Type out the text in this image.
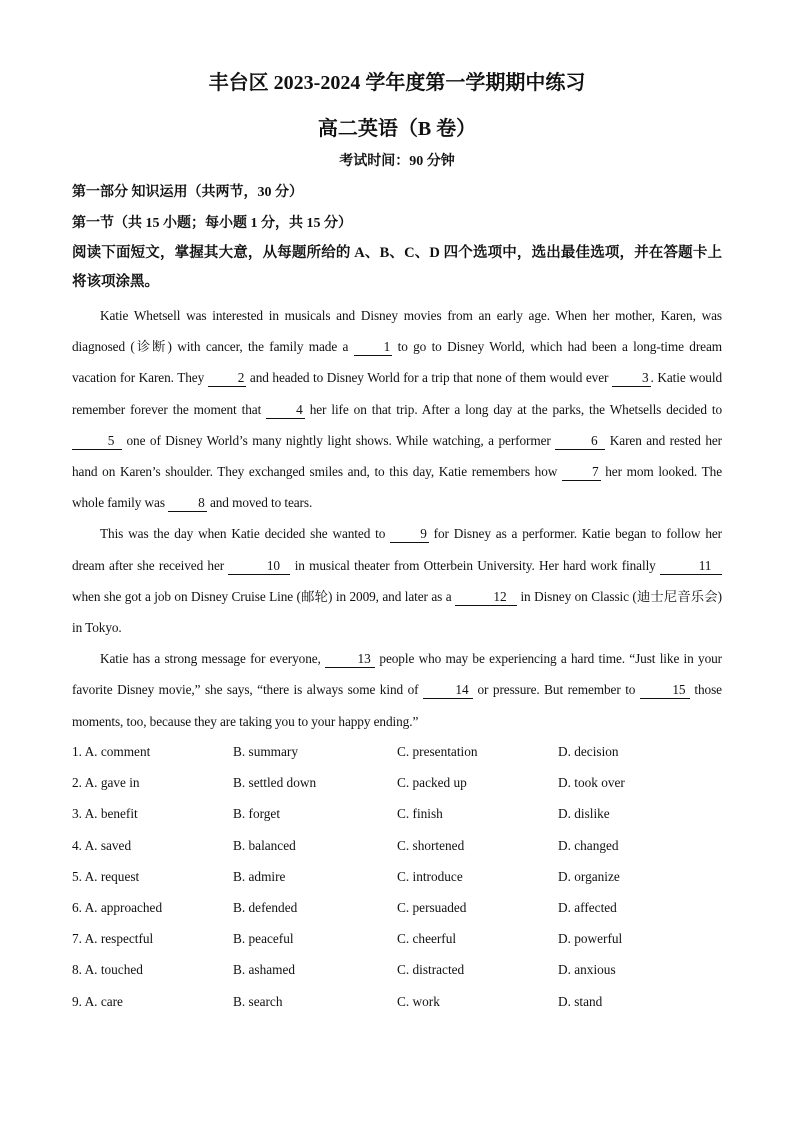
丰台区 2023-2024 学年度第一学期期中练习
高二英语（B 卷）
考试时间：90 分钟
第一部分 知识运用（共两节，30 分）
第一节（共 15 小题；每小题 1 分，共 15 分）
阅读下面短文，掌握其大意，从每题所给的 A、B、C、D 四个选项中，选出最佳选项，并在答题卡上将该项涂黑。

Katie Whetsell was interested in musicals and Disney movies from an early age. When her mother, Karen, was diagnosed (诊断) with cancer, the family made a 1 to go to Disney World, which had been a long-time dream vacation for Karen. They 2 and headed to Disney World for a trip that none of them would ever 3 . Katie would remember forever the moment that 4 her life on that trip. After a long day at the parks, the Whetsells decided to 5 one of Disney World’s many nightly light shows. While watching, a performer	6 Karen and rested her hand on Karen’s shoulder. They exchanged smiles and, to this day, Katie remembers how 7 her mom looked. The whole family was 8 and moved to tears.

This was the day when Katie decided she wanted to 9 for Disney as a performer. Katie began to follow her dream after she received her	10 in musical theater from Otterbein University. Her hard work finally	11 when she got a job on Disney Cruise Line (邮轮) in 2009, and later as a	12 in Disney on Classic (迪士尼音乐会) in Tokyo.

Katie has a strong message for everyone, 13 people who may be experiencing a hard time. “Just like in your favorite Disney movie,” she says, “there is always some kind of 14 or pressure. But remember to 15 those moments, too, because they are taking you to your happy ending.”

1. A. comment	B. summary	C. presentation	D. decision
2. A. gave in	B. settled down	C. packed up	D. took over
3. A. benefit	B. forget	C. finish	D. dislike
4. A. saved	B. balanced	C. shortened	D. changed
5. A. request	B. admire	C. introduce	D. organize
6. A. approached	B. defended	C. persuaded	D. affected
7. A. respectful	B. peaceful	C. cheerful	D. powerful
8. A. touched	B. ashamed	C. distracted	D. anxious
9. A. care	B. search	C. work	D. stand
